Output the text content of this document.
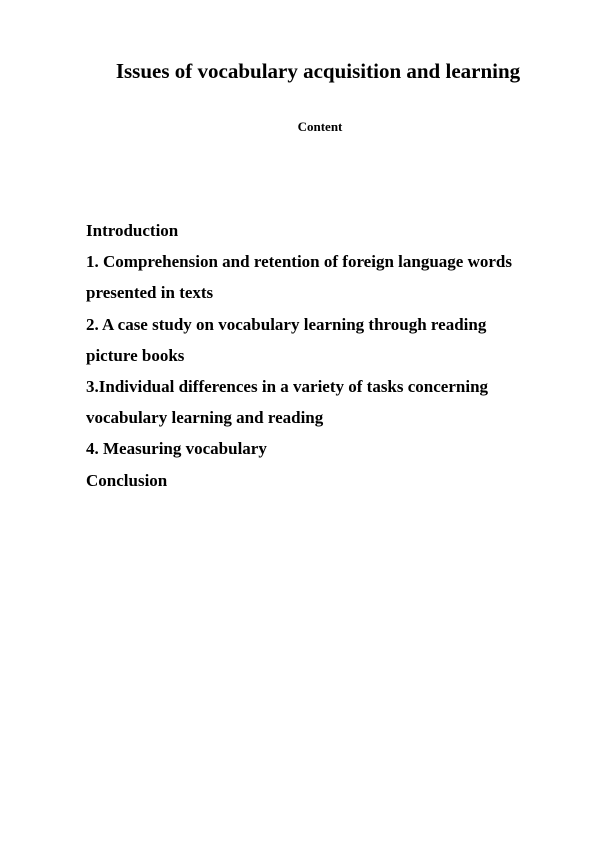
Issues of vocabulary acquisition and learning
Content
Introduction
1. Comprehension and retention of foreign language words
presented in texts
2. A case study on vocabulary learning through reading
picture books
3.Individual differences in a variety of tasks concerning
vocabulary learning and reading
4. Measuring vocabulary
Conclusion
